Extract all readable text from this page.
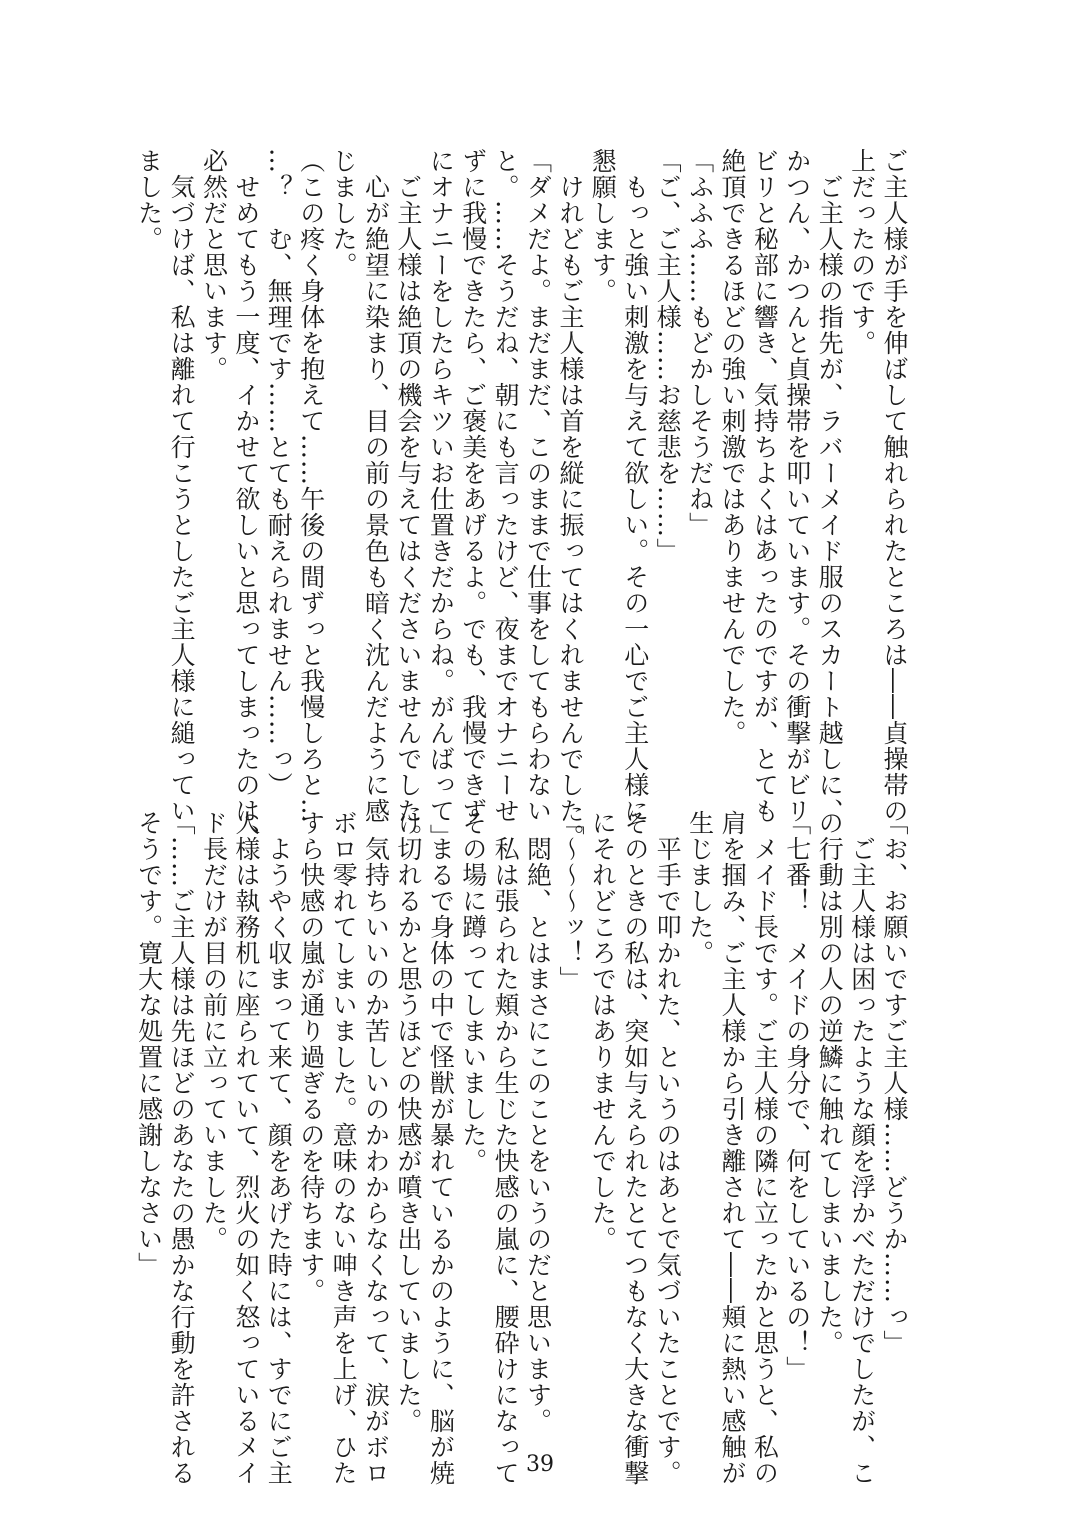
ご主人様が手を伸ばして触れられたところは――貞操帯の
上だったのです。
　ご主人様の指先が、ラバーメイド服のスカート越しに、
かつん、かつんと貞操帯を叩いています。その衝撃がビリ
ビリと秘部に響き、気持ちよくはあったのですが、とても
絶頂できるほどの強い刺激ではありませんでした。
「ふふふ……もどかしそうだね」
「ご、ご主人様……お慈悲を……」
　もっと強い刺激を与えて欲しい。その一心でご主人様に
懇願します。
　けれどもご主人様は首を縦に振ってはくれませんでした。
「ダメだよ。まだまだ、このままで仕事をしてもらわない
と。……そうだね、朝にも言ったけど、夜までオナニーせ
ずに我慢できたら、ご褒美をあげるよ。でも、我慢できず
にオナニーをしたらキツいお仕置きだからね。がんばって」
　ご主人様は絶頂の機会を与えてはくださいませんでした。
　心が絶望に染まり、目の前の景色も暗く沈んだように感
じました。
（この疼く身体を抱えて……午後の間ずっと我慢しろと…
…？　む、無理です……とても耐えられません……っ）
　せめてもう一度、イかせて欲しいと思ってしまったのは、
必然だと思います。
　気づけば、私は離れて行こうとしたご主人様に縋ってい
ました。
「お、お願いですご主人様……どうか……っ」
　ご主人様は困ったような顔を浮かべただけでしたが、こ
の行動は別の人の逆鱗に触れてしまいました。
「七番！　メイドの身分で、何をしているの！」
　メイド長です。ご主人様の隣に立ったかと思うと、私の
肩を掴み、ご主人様から引き離されて――頬に熱い感触が
生じました。
　平手で叩かれた、というのはあとで気づいたことです。
そのときの私は、突如与えられたとてつもなく大きな衝撃
にそれどころではありませんでした。
「～～～ッ！」
　悶絶、とはまさにこのことをいうのだと思います。
　私は張られた頬から生じた快感の嵐に、腰砕けになって
その場に蹲ってしまいました。
　まるで身体の中で怪獣が暴れているかのように、脳が焼
け切れるかと思うほどの快感が噴き出していました。
　気持ちいいのか苦しいのかわからなくなって、涙がボロ
ボロ零れてしまいました。意味のない呻き声を上げ、ひた
すら快感の嵐が通り過ぎるのを待ちます。
　ようやく収まって来て、顔をあげた時には、すでにご主
人様は執務机に座られていて、烈火の如く怒っているメイ
ド長だけが目の前に立っていました。
「……ご主人様は先ほどのあなたの愚かな行動を許される
そうです。寛大な処置に感謝しなさい」
39
